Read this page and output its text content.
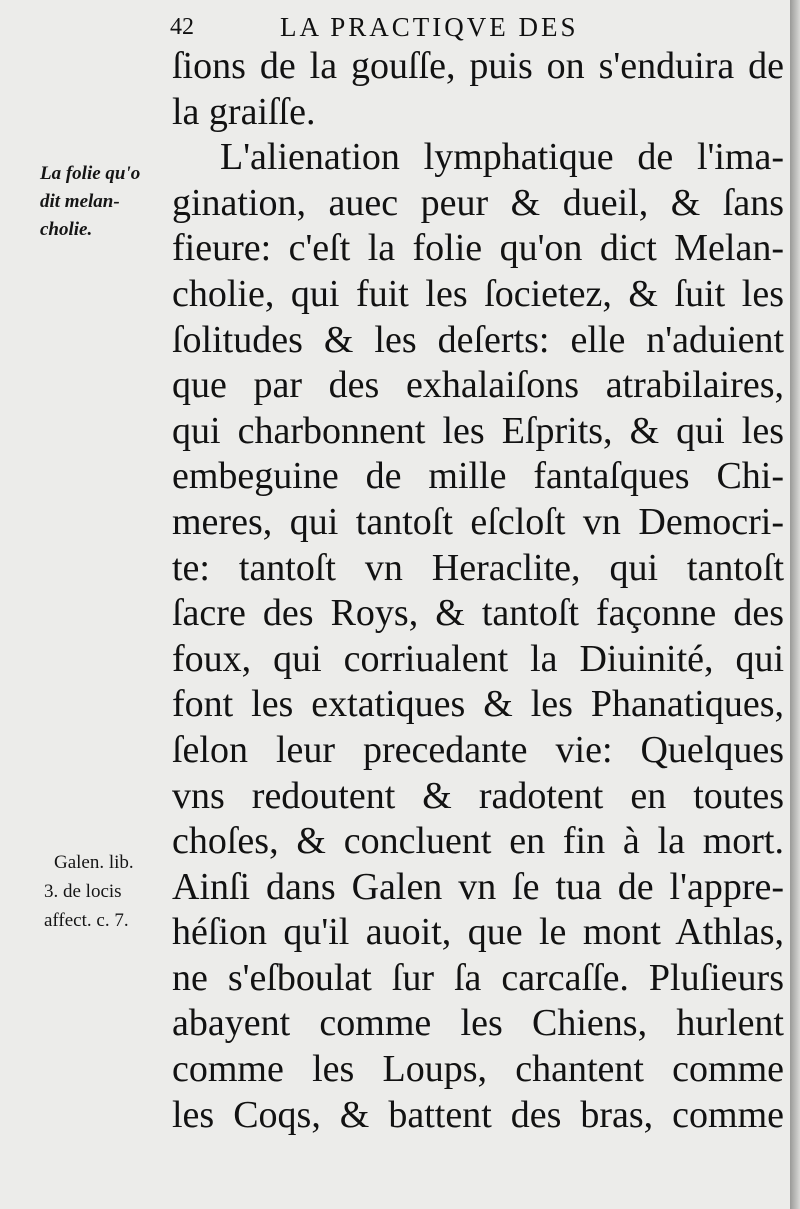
42	LA PRACTIQVE DES
ſions de la gouſſe, puis on s'enduira de
la graiſſe.
L'alienation lymphatique de l'ima-
gination, auec peur & dueil, & ſans
fieure: c'eſt la folie qu'on dict Melan-
cholie, qui fuit les ſocietez, & ſuit les
ſolitudes & les deſerts: elle n'aduient
que par des exhalaiſons atrabilaires,
qui charbonnent les Eſprits, & qui les
embeguine de mille fantaſques Chi-
meres, qui tantoſt eſcloſt vn Democri-
te: tantoſt vn Heraclite, qui tantoſt
ſacre des Roys, & tantoſt façonne des
foux, qui corriualent la Diuinité, qui
font les extatiques & les Phanatiques,
ſelon leur precedante vie: Quelques
vns redoutent & radotent en toutes
choſes, & concluent en fin à la mort.
Ainſi dans Galen vn ſe tua de l'appre-
héſion qu'il auoit, que le mont Athlas,
ne s'eſboulat ſur ſa carcaſſe. Pluſieurs
abayent comme les Chiens, hurlent
comme les Loups, chantent comme
les Coqs, & battent des bras, comme
La folie qu'o
dit melan-
cholie.
Galen. lib.
3. de locis
affect. c. 7.
